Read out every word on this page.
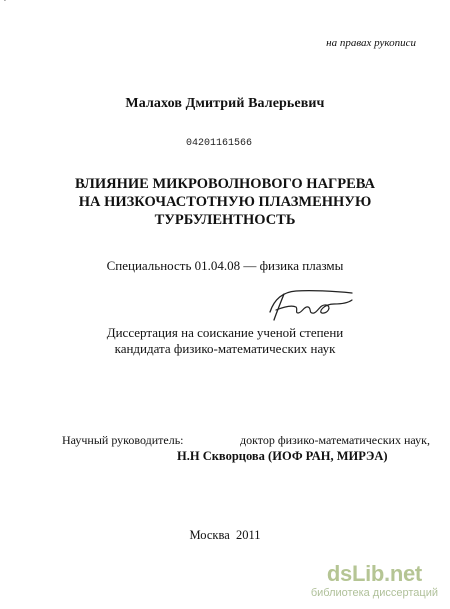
`
на правах рукописи
Малахов Дмитрий Валерьевич
04201161566
ВЛИЯНИЕ МИКРОВОЛНОВОГО НАГРЕВА
НА НИЗКОЧАСТОТНУЮ ПЛАЗМЕННУЮ
ТУРБУЛЕНТНОСТЬ
Специальность 01.04.08 — физика плазмы
Диссертация на соискание ученой степени
кандидата физико-математических наук
Научный руководитель:	доктор физико-математических наук,
Н.Н Скворцова (ИОФ РАН, МИРЭА)
Москва  2011
dsLib.net
библиотека диссертаций
